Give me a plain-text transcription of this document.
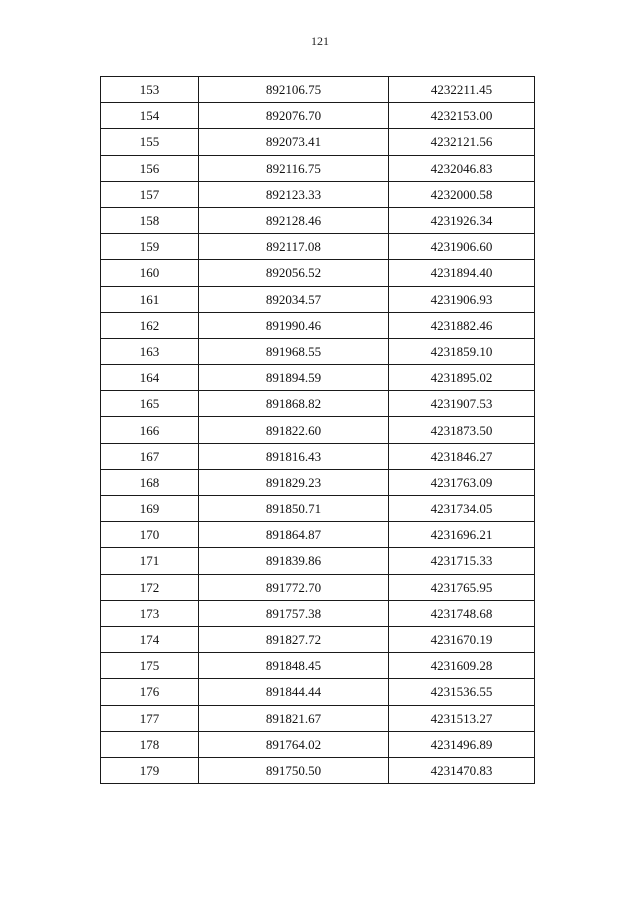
121
153	892106.75	4232211.45
154	892076.70	4232153.00
155	892073.41	4232121.56
156	892116.75	4232046.83
157	892123.33	4232000.58
158	892128.46	4231926.34
159	892117.08	4231906.60
160	892056.52	4231894.40
161	892034.57	4231906.93
162	891990.46	4231882.46
163	891968.55	4231859.10
164	891894.59	4231895.02
165	891868.82	4231907.53
166	891822.60	4231873.50
167	891816.43	4231846.27
168	891829.23	4231763.09
169	891850.71	4231734.05
170	891864.87	4231696.21
171	891839.86	4231715.33
172	891772.70	4231765.95
173	891757.38	4231748.68
174	891827.72	4231670.19
175	891848.45	4231609.28
176	891844.44	4231536.55
177	891821.67	4231513.27
178	891764.02	4231496.89
179	891750.50	4231470.83
